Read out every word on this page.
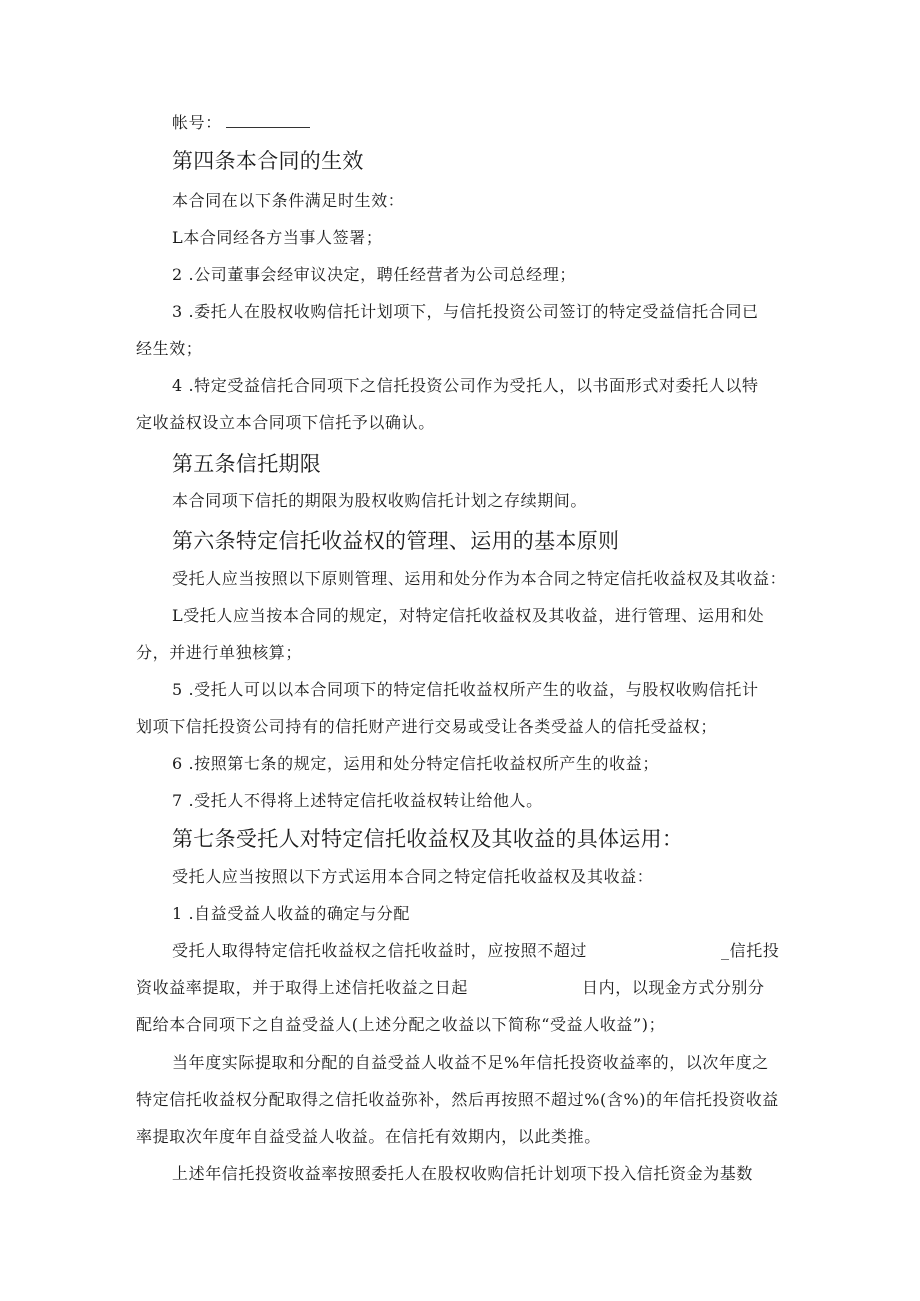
帐号：
第四条本合同的生效
本合同在以下条件满足时生效：
L本合同经各方当事人签署；
2 .公司董事会经审议决定，聘任经营者为公司总经理；
3 .委托人在股权收购信托计划项下，与信托投资公司签订的特定受益信托合同已
经生效；
4 .特定受益信托合同项下之信托投资公司作为受托人，以书面形式对委托人以特
定收益权设立本合同项下信托予以确认。
第五条信托期限
本合同项下信托的期限为股权收购信托计划之存续期间。
第六条特定信托收益权的管理、运用的基本原则
受托人应当按照以下原则管理、运用和处分作为本合同之特定信托收益权及其收益：
L受托人应当按本合同的规定，对特定信托收益权及其收益，进行管理、运用和处
分，并进行单独核算；
5 .受托人可以以本合同项下的特定信托收益权所产生的收益，与股权收购信托计
划项下信托投资公司持有的信托财产进行交易或受让各类受益人的信托受益权；
6 .按照第七条的规定，运用和处分特定信托收益权所产生的收益；
7 .受托人不得将上述特定信托收益权转让给他人。
第七条受托人对特定信托收益权及其收益的具体运用：
受托人应当按照以下方式运用本合同之特定信托收益权及其收益：
1 .自益受益人收益的确定与分配
受托人取得特定信托收益权之信托收益时，应按照不超过	_信托投
资收益率提取，并于取得上述信托收益之日起	日内，以现金方式分别分
配给本合同项下之自益受益人(上述分配之收益以下简称“受益人收益”)；
当年度实际提取和分配的自益受益人收益不足%年信托投资收益率的，以次年度之
特定信托收益权分配取得之信托收益弥补，然后再按照不超过%(含%)的年信托投资收益
率提取次年度年自益受益人收益。在信托有效期内，以此类推。
上述年信托投资收益率按照委托人在股权收购信托计划项下投入信托资金为基数
